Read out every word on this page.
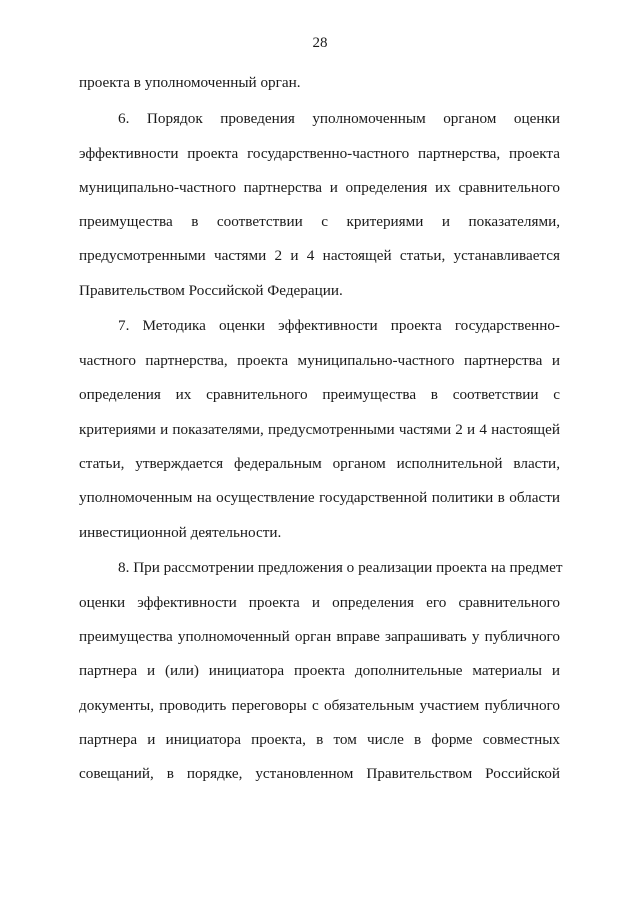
28
проекта в уполномоченный орган.
6. Порядок проведения уполномоченным органом оценки
эффективности проекта государственно-частного партнерства, проекта
муниципально-частного партнерства и определения их сравнительного
преимущества в соответствии с критериями и показателями,
предусмотренными частями 2 и 4 настоящей статьи, устанавливается
Правительством Российской Федерации.
7. Методика оценки эффективности проекта государственно-
частного партнерства, проекта муниципально-частного партнерства и
определения их сравнительного преимущества в соответствии с
критериями и показателями, предусмотренными частями 2 и 4 настоящей
статьи, утверждается федеральным органом исполнительной власти,
уполномоченным на осуществление государственной политики в области
инвестиционной деятельности.
8. При рассмотрении предложения о реализации проекта на предмет
оценки эффективности проекта и определения его сравнительного
преимущества уполномоченный орган вправе запрашивать у публичного
партнера и (или) инициатора проекта дополнительные материалы и
документы, проводить переговоры с обязательным участием публичного
партнера и инициатора проекта, в том числе в форме совместных
совещаний, в порядке, установленном Правительством Российской
